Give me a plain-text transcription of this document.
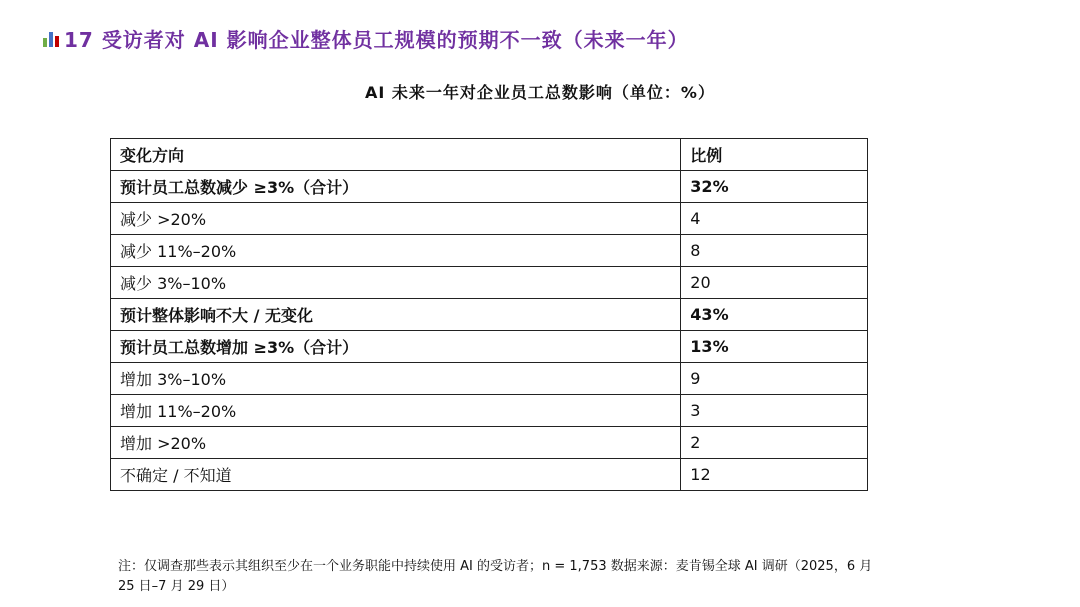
17 受访者对 AI 影响企业整体员工规模的预期不一致（未来一年）
AI 未来一年对企业员工总数影响（单位：%）
变化方向	比例
预计员工总数减少 ≥3%（合计）	32%
减少 >20%	4
减少 11%–20%	8
减少 3%–10%	20
预计整体影响不大 / 无变化	43%
预计员工总数增加 ≥3%（合计）	13%
增加 3%–10%	9
增加 11%–20%	3
增加 >20%	2
不确定 / 不知道	12
注：仅调查那些表示其组织至少在一个业务职能中持续使用 AI 的受访者；n = 1,753 数据来源：麦肯锡全球 AI 调研（2025，6 月 25 日–7 月 29 日）
